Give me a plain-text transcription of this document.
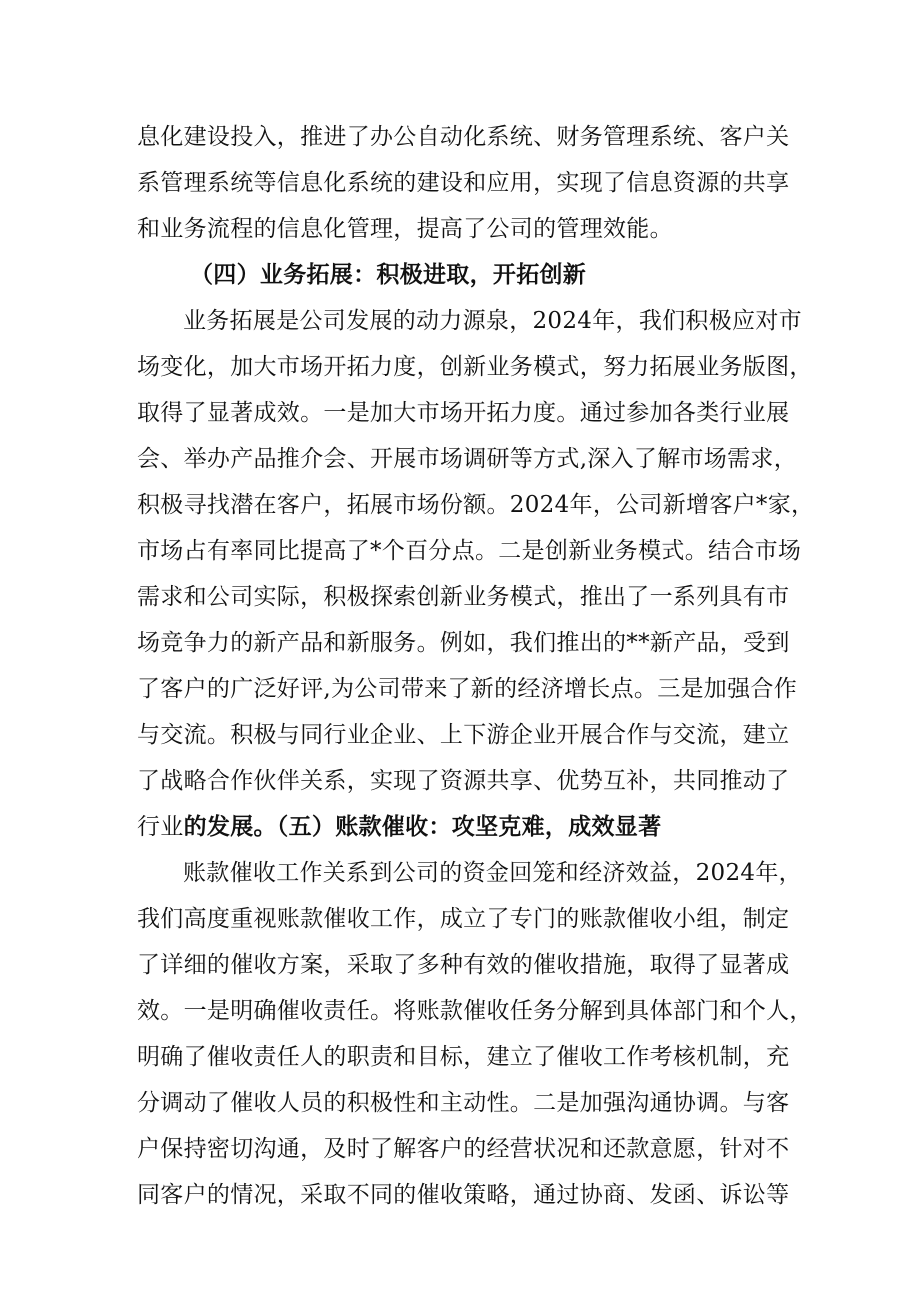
息化建设投入，推进了办公自动化系统、财务管理系统、客户关
系管理系统等信息化系统的建设和应用，实现了信息资源的共享
和业务流程的信息化管理，提高了公司的管理效能。
（四）业务拓展：积极进取，开拓创新
业务拓展是公司发展的动力源泉，2024年，我们积极应对市
场变化，加大市场开拓力度，创新业务模式，努力拓展业务版图，
取得了显著成效。一是加大市场开拓力度。通过参加各类行业展
会、举办产品推介会、开展市场调研等方式,深入了解市场需求，
积极寻找潜在客户，拓展市场份额。2024年，公司新增客户*家，
市场占有率同比提高了*个百分点。二是创新业务模式。结合市场
需求和公司实际，积极探索创新业务模式，推出了一系列具有市
场竞争力的新产品和新服务。例如，我们推出的**新产品，受到
了客户的广泛好评,为公司带来了新的经济增长点。三是加强合作
与交流。积极与同行业企业、上下游企业开展合作与交流，建立
了战略合作伙伴关系，实现了资源共享、优势互补，共同推动了
行业的发展。（五）账款催收：攻坚克难，成效显著
账款催收工作关系到公司的资金回笼和经济效益，2024年，
我们高度重视账款催收工作，成立了专门的账款催收小组，制定
了详细的催收方案，采取了多种有效的催收措施，取得了显著成
效。一是明确催收责任。将账款催收任务分解到具体部门和个人，
明确了催收责任人的职责和目标，建立了催收工作考核机制，充
分调动了催收人员的积极性和主动性。二是加强沟通协调。与客
户保持密切沟通，及时了解客户的经营状况和还款意愿，针对不
同客户的情况，采取不同的催收策略，通过协商、发函、诉讼等
